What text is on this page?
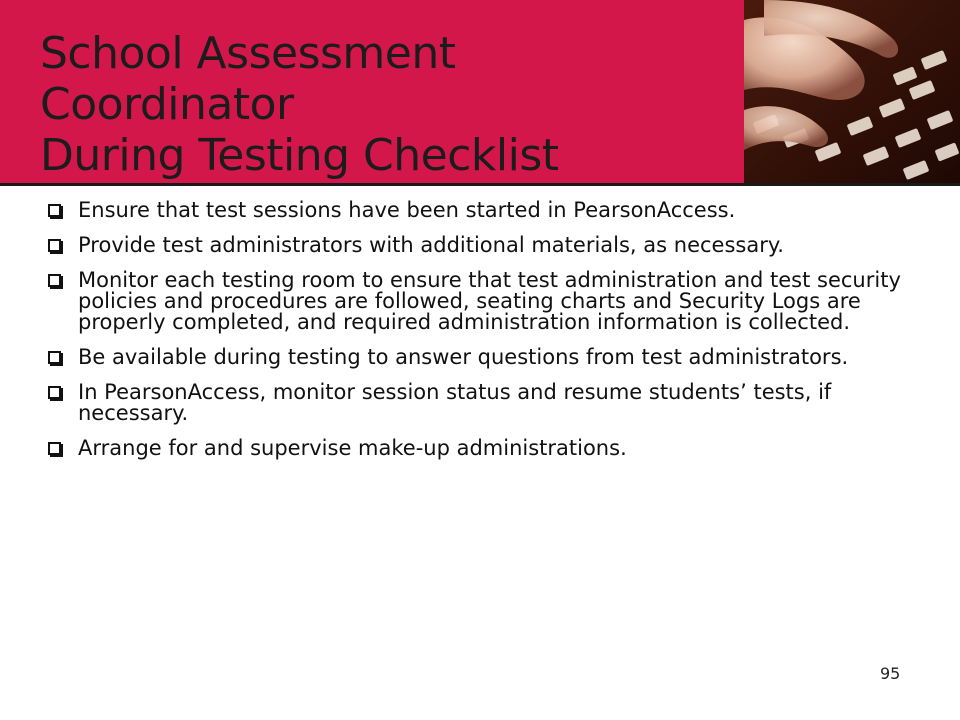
School Assessment
Coordinator
During Testing Checklist
Ensure that test sessions have been started in PearsonAccess.
Provide test administrators with additional materials, as necessary.
Monitor each testing room to ensure that test administration and test security policies and procedures are followed, seating charts and Security Logs are properly completed, and required administration information is collected.
Be available during testing to answer questions from test administrators.
In PearsonAccess, monitor session status and resume students’ tests, if necessary.
Arrange for and supervise make-up administrations.
95
